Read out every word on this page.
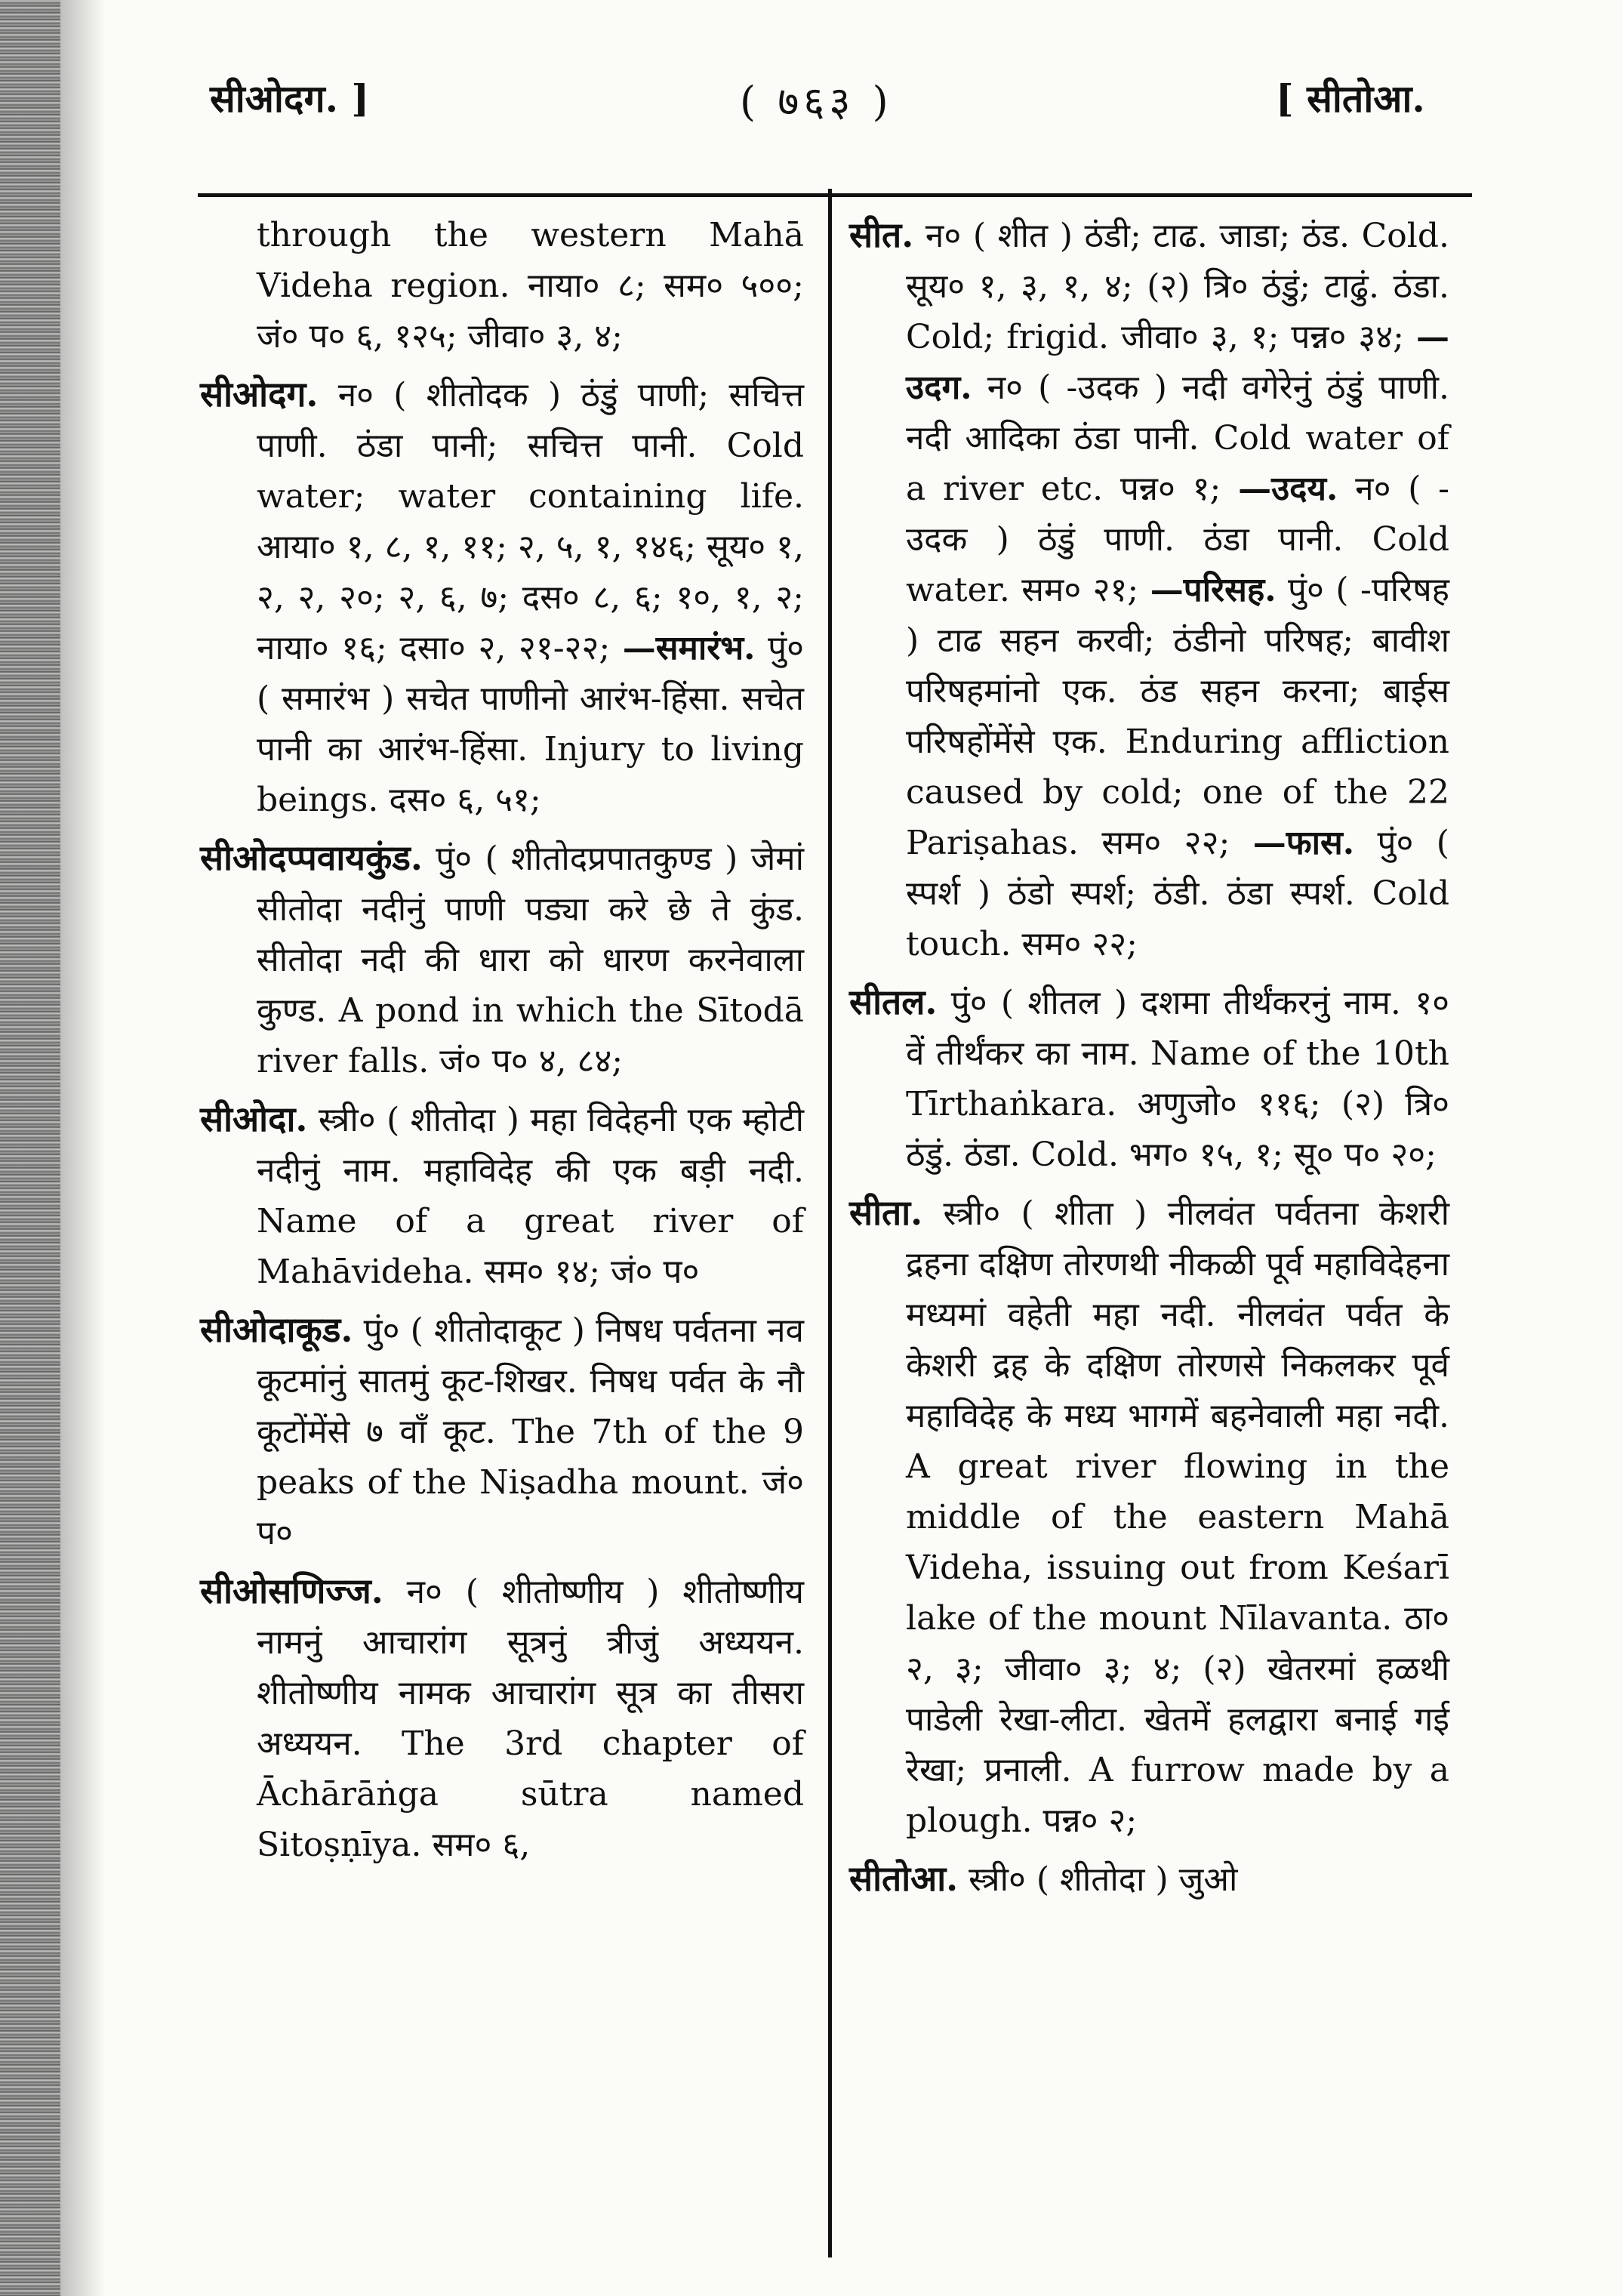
सीओदग. ]	( ७६३ )	[ सीतोआ.

through the western Mahā Videha region. नाया० ८; सम० ५००; जं० प० ६, १२५; जीवा० ३, ४;

सीओदग. न० ( शीतोदक ) ठंडुं पाणी; सचित्त पाणी. ठंडा पानी; सचित्त पानी. Cold water; water containing life. आया० १, ८, १, ११; २, ५, १, १४६; सूय० १, २, २, २०; २, ६, ७; दस० ८, ६; १०, १, २; नाया० १६; दसा० २, २१-२२; —समारंभ. पुं० ( समारंभ ) सचेत पाणीनो आरंभ-हिंसा. सचेत पानी का आरंभ-हिंसा. Injury to living beings. दस० ६, ५१;

सीओदप्पवायकुंड. पुं० ( शीतोदप्रपातकुण्ड ) जेमां सीतोदा नदीनुं पाणी पड्या करे छे ते कुंड. सीतोदा नदी की धारा को धारण करनेवाला कुण्ड. A pond in which the Sītodā river falls. जं० प० ४, ८४;

सीओदा. स्त्री० ( शीतोदा ) महा विदेहनी एक म्होटी नदीनुं नाम. महाविदेह की एक बड़ी नदी. Name of a great river of Mahāvideha. सम० १४; जं० प०

सीओदाकूड. पुं० ( शीतोदाकूट ) निषध पर्वतना नव कूटमांनुं सातमुं कूट-शिखर. निषध पर्वत के नौ कूटोंमेंसे ७ वाँ कूट. The 7th of the 9 peaks of the Niṣadha mount. जं० प०

सीओसणिज्ज. न० ( शीतोष्णीय ) शीतोष्णीय नामनुं आचारांग सूत्रनुं त्रीजुं अध्ययन. शीतोष्णीय नामक आचारांग सूत्र का तीसरा अध्ययन. The 3rd chapter of Āchārāṅga sūtra named Sitoṣṇīya. सम० ६,

सीत. न० ( शीत ) ठंडी; टाढ. जाडा; ठंड. Cold. सूय० १, ३, १, ४; (२) त्रि० ठंडुं; टाढुं. ठंडा. Cold; frigid. जीवा० ३, १; पन्न० ३४; —उदग. न० ( -उदक ) नदी वगेरेनुं ठंडुं पाणी. नदी आदिका ठंडा पानी. Cold water of a river etc. पन्न० १; —उदय. न० ( -उदक ) ठंडुं पाणी. ठंडा पानी. Cold water. सम० २१; —परिसह. पुं० ( -परिषह ) टाढ सहन करवी; ठंडीनो परिषह; बावीश परिषहमांनो एक. ठंड सहन करना; बाईस परिषहोंमेंसे एक. Enduring affliction caused by cold; one of the 22 Pariṣahas. सम० २२; —फास. पुं० ( स्पर्श ) ठंडो स्पर्श; ठंडी. ठंडा स्पर्श. Cold touch. सम० २२;

सीतल. पुं० ( शीतल ) दशमा तीर्थंकरनुं नाम. १० वें तीर्थंकर का नाम. Name of the 10th Tīrthaṅkara. अणुजो० ११६; (२) त्रि० ठंडुं. ठंडा. Cold. भग० १५, १; सू० प० २०;

सीता. स्त्री० ( शीता ) नीलवंत पर्वतना केशरी द्रहना दक्षिण तोरणथी नीकळी पूर्व महाविदेहना मध्यमां वहेती महा नदी. नीलवंत पर्वत के केशरी द्रह के दक्षिण तोरणसे निकलकर पूर्व महाविदेह के मध्य भागमें बहनेवाली महा नदी. A great river flowing in the middle of the eastern Mahā Videha, issuing out from Keśarī lake of the mount Nīlavanta. ठा० २, ३; जीवा० ३; ४; (२) खेतरमां हळथी पाडेली रेखा-लीटा. खेतमें हलद्वारा बनाई गई रेखा; प्रनाली. A furrow made by a plough. पन्न० २;

सीतोआ. स्त्री० ( शीतोदा ) जुओ
